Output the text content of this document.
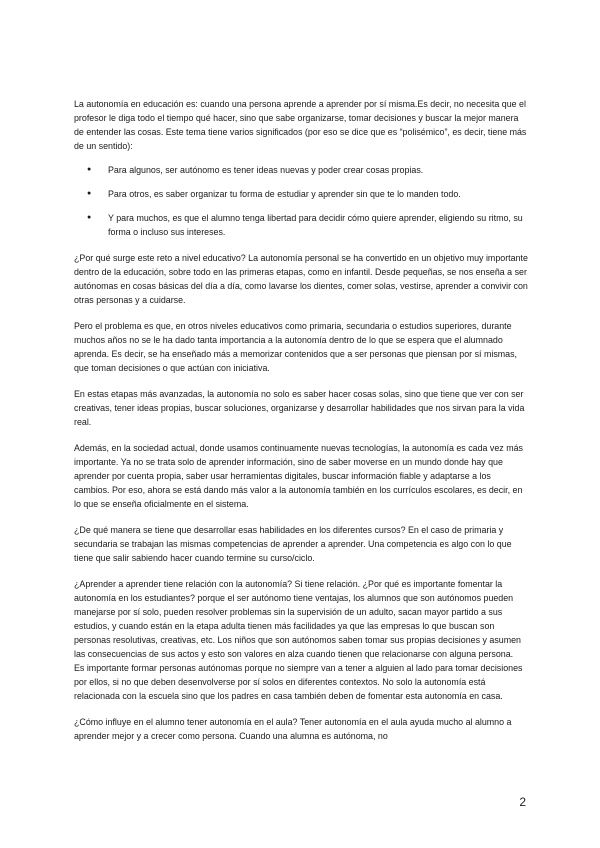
La autonomía en educación es: cuando una persona aprende a aprender por sí misma.Es decir, no necesita que el profesor le diga todo el tiempo qué hacer, sino que sabe organizarse, tomar decisiones y buscar la mejor manera de entender las cosas. Este tema tiene varios significados (por eso se dice que es “polisémico”, es decir, tiene más de un sentido):

● Para algunos, ser autónomo es tener ideas nuevas y poder crear cosas propias.
● Para otros, es saber organizar tu forma de estudiar y aprender sin que te lo manden todo.
● Y para muchos, es que el alumno tenga libertad para decidir cómo quiere aprender, eligiendo su ritmo, su forma o incluso sus intereses.

¿Por qué surge este reto a nivel educativo? La autonomía personal se ha convertido en un objetivo muy importante dentro de la educación, sobre todo en las primeras etapas, como en infantil. Desde pequeñas, se nos enseña a ser autónomas en cosas básicas del día a día, como lavarse los dientes, comer solas, vestirse, aprender a convivir con otras personas y a cuidarse.

Pero el problema es que, en otros niveles educativos como primaria, secundaria o estudios superiores, durante muchos años no se le ha dado tanta importancia a la autonomía dentro de lo que se espera que el alumnado aprenda. Es decir, se ha enseñado más a memorizar contenidos que a ser personas que piensan por sí mismas, que toman decisiones o que actúan con iniciativa.

En estas etapas más avanzadas, la autonomía no solo es saber hacer cosas solas, sino que tiene que ver con ser creativas, tener ideas propias, buscar soluciones, organizarse y desarrollar habilidades que nos sirvan para la vida real.

Además, en la sociedad actual, donde usamos continuamente nuevas tecnologías, la autonomía es cada vez más importante. Ya no se trata solo de aprender información, sino de saber moverse en un mundo donde hay que aprender por cuenta propia, saber usar herramientas digitales, buscar información fiable y adaptarse a los cambios. Por eso, ahora se está dando más valor a la autonomía también en los currículos escolares, es decir, en lo que se enseña oficialmente en el sistema.

¿De qué manera se tiene que desarrollar esas habilidades en los diferentes cursos? En el caso de primaria y secundaria se trabajan las mismas competencias de aprender a aprender. Una competencia es algo con lo que tiene que salir sabiendo hacer cuando termine su curso/ciclo.

¿Aprender a aprender tiene relación con la autonomía? Si tiene relación. ¿Por qué es importante fomentar la autonomía en los estudiantes? porque el ser autónomo tiene ventajas, los alumnos que son autónomos pueden manejarse por sí solo, pueden resolver problemas sin la supervisión de un adulto, sacan mayor partido a sus estudios, y cuando están en la etapa adulta tienen más facilidades ya que las empresas lo que buscan son personas resolutivas, creativas, etc. Los niños que son autónomos saben tomar sus propias decisiones y asumen las consecuencias de sus actos y esto son valores en alza cuando tienen que relacionarse con alguna persona.

Es importante formar personas autónomas porque no siempre van a tener a alguien al lado para tomar decisiones por ellos, si no que deben desenvolverse por sí solos en diferentes contextos. No solo la autonomía está relacionada con la escuela sino que los padres en casa también deben de fomentar esta autonomía en casa.

¿Cómo influye en el alumno tener autonomía en el aula? Tener autonomía en el aula ayuda mucho al alumno a aprender mejor y a crecer como persona. Cuando una alumna es autónoma, no

2
